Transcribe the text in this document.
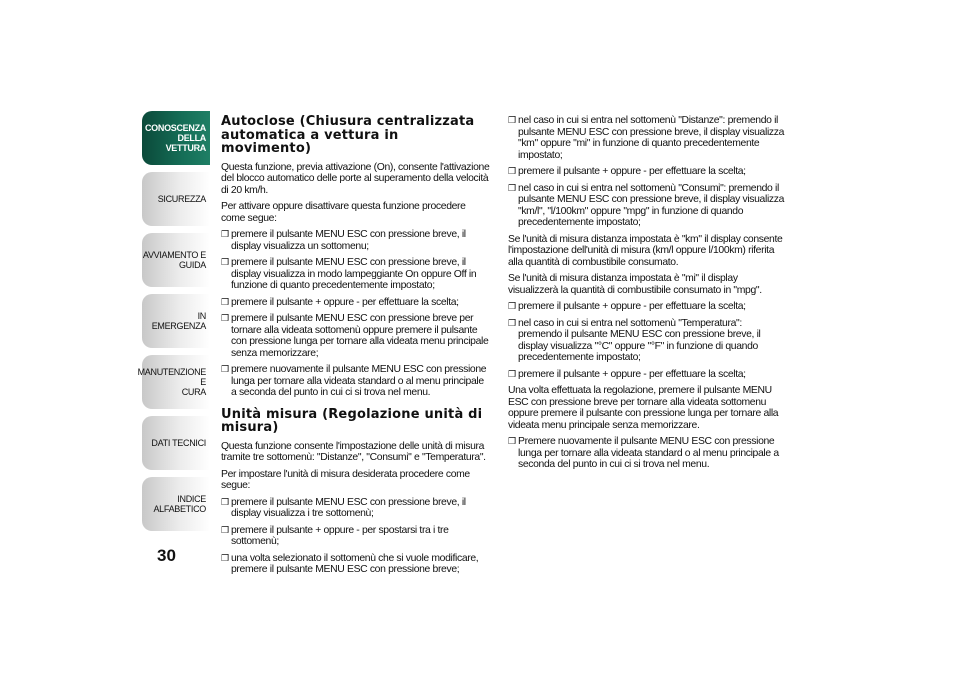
CONOSCENZA
DELLA VETTURA
SICUREZZA
AVVIAMENTO E
GUIDA
IN EMERGENZA
MANUTENZIONE E
CURA
DATI TECNICI
INDICE ALFABETICO
30
Autoclose (Chiusura centralizzata automatica a vettura in movimento)

Questa funzione, previa attivazione (On), consente l'attivazione del blocco automatico delle porte al superamento della velocità di 20 km/h.

Per attivare oppure disattivare questa funzione procedere come segue:

❒ premere il pulsante MENU ESC con pressione breve, il display visualizza un sottomenu;
❒ premere il pulsante MENU ESC con pressione breve, il display visualizza in modo lampeggiante On oppure Off in funzione di quanto precedentemente impostato;
❒ premere il pulsante + oppure - per effettuare la scelta;
❒ premere il pulsante MENU ESC con pressione breve per tornare alla videata sottomenù oppure premere il pulsante con pressione lunga per tornare alla videata menu principale senza memorizzare;
❒ premere nuovamente il pulsante MENU ESC con pressione lunga per tornare alla videata standard o al menu principale a seconda del punto in cui ci si trova nel menu.
Unità misura (Regolazione unità di misura)

Questa funzione consente l'impostazione delle unità di misura tramite tre sottomenù: "Distanze", "Consumi" e "Temperatura".

Per impostare l'unità di misura desiderata procedere come segue:

❒ premere il pulsante MENU ESC con pressione breve, il display visualizza i tre sottomenù;
❒ premere il pulsante + oppure - per spostarsi tra i tre sottomenù;
❒ una volta selezionato il sottomenù che si vuole modificare, premere il pulsante MENU ESC con pressione breve;
❒ nel caso in cui si entra nel sottomenù "Distanze": premendo il pulsante MENU ESC con pressione breve, il display visualizza "km" oppure "mi" in funzione di quanto precedentemente impostato;
❒ premere il pulsante + oppure - per effettuare la scelta;
❒ nel caso in cui si entra nel sottomenù "Consumi": premendo il pulsante MENU ESC con pressione breve, il display visualizza "km/l", "l/100km" oppure "mpg" in funzione di quando precedentemente impostato;

Se l'unità di misura distanza impostata è "km" il display consente l'impostazione dell'unità di misura (km/l oppure l/100km) riferita alla quantità di combustibile consumato.

Se l'unità di misura distanza impostata è "mi" il display visualizzerà la quantità di combustibile consumato in "mpg".

❒ premere il pulsante + oppure - per effettuare la scelta;
❒ nel caso in cui si entra nel sottomenù "Temperatura": premendo il pulsante MENU ESC con pressione breve, il display visualizza "°C" oppure "°F" in funzione di quando precedentemente impostato;
❒ premere il pulsante + oppure - per effettuare la scelta;

Una volta effettuata la regolazione, premere il pulsante MENU ESC con pressione breve per tornare alla videata sottomenu oppure premere il pulsante con pressione lunga per tornare alla videata menu principale senza memorizzare.

❒ Premere nuovamente il pulsante MENU ESC con pressione lunga per tornare alla videata standard o al menu principale a seconda del punto in cui ci si trova nel menu.
